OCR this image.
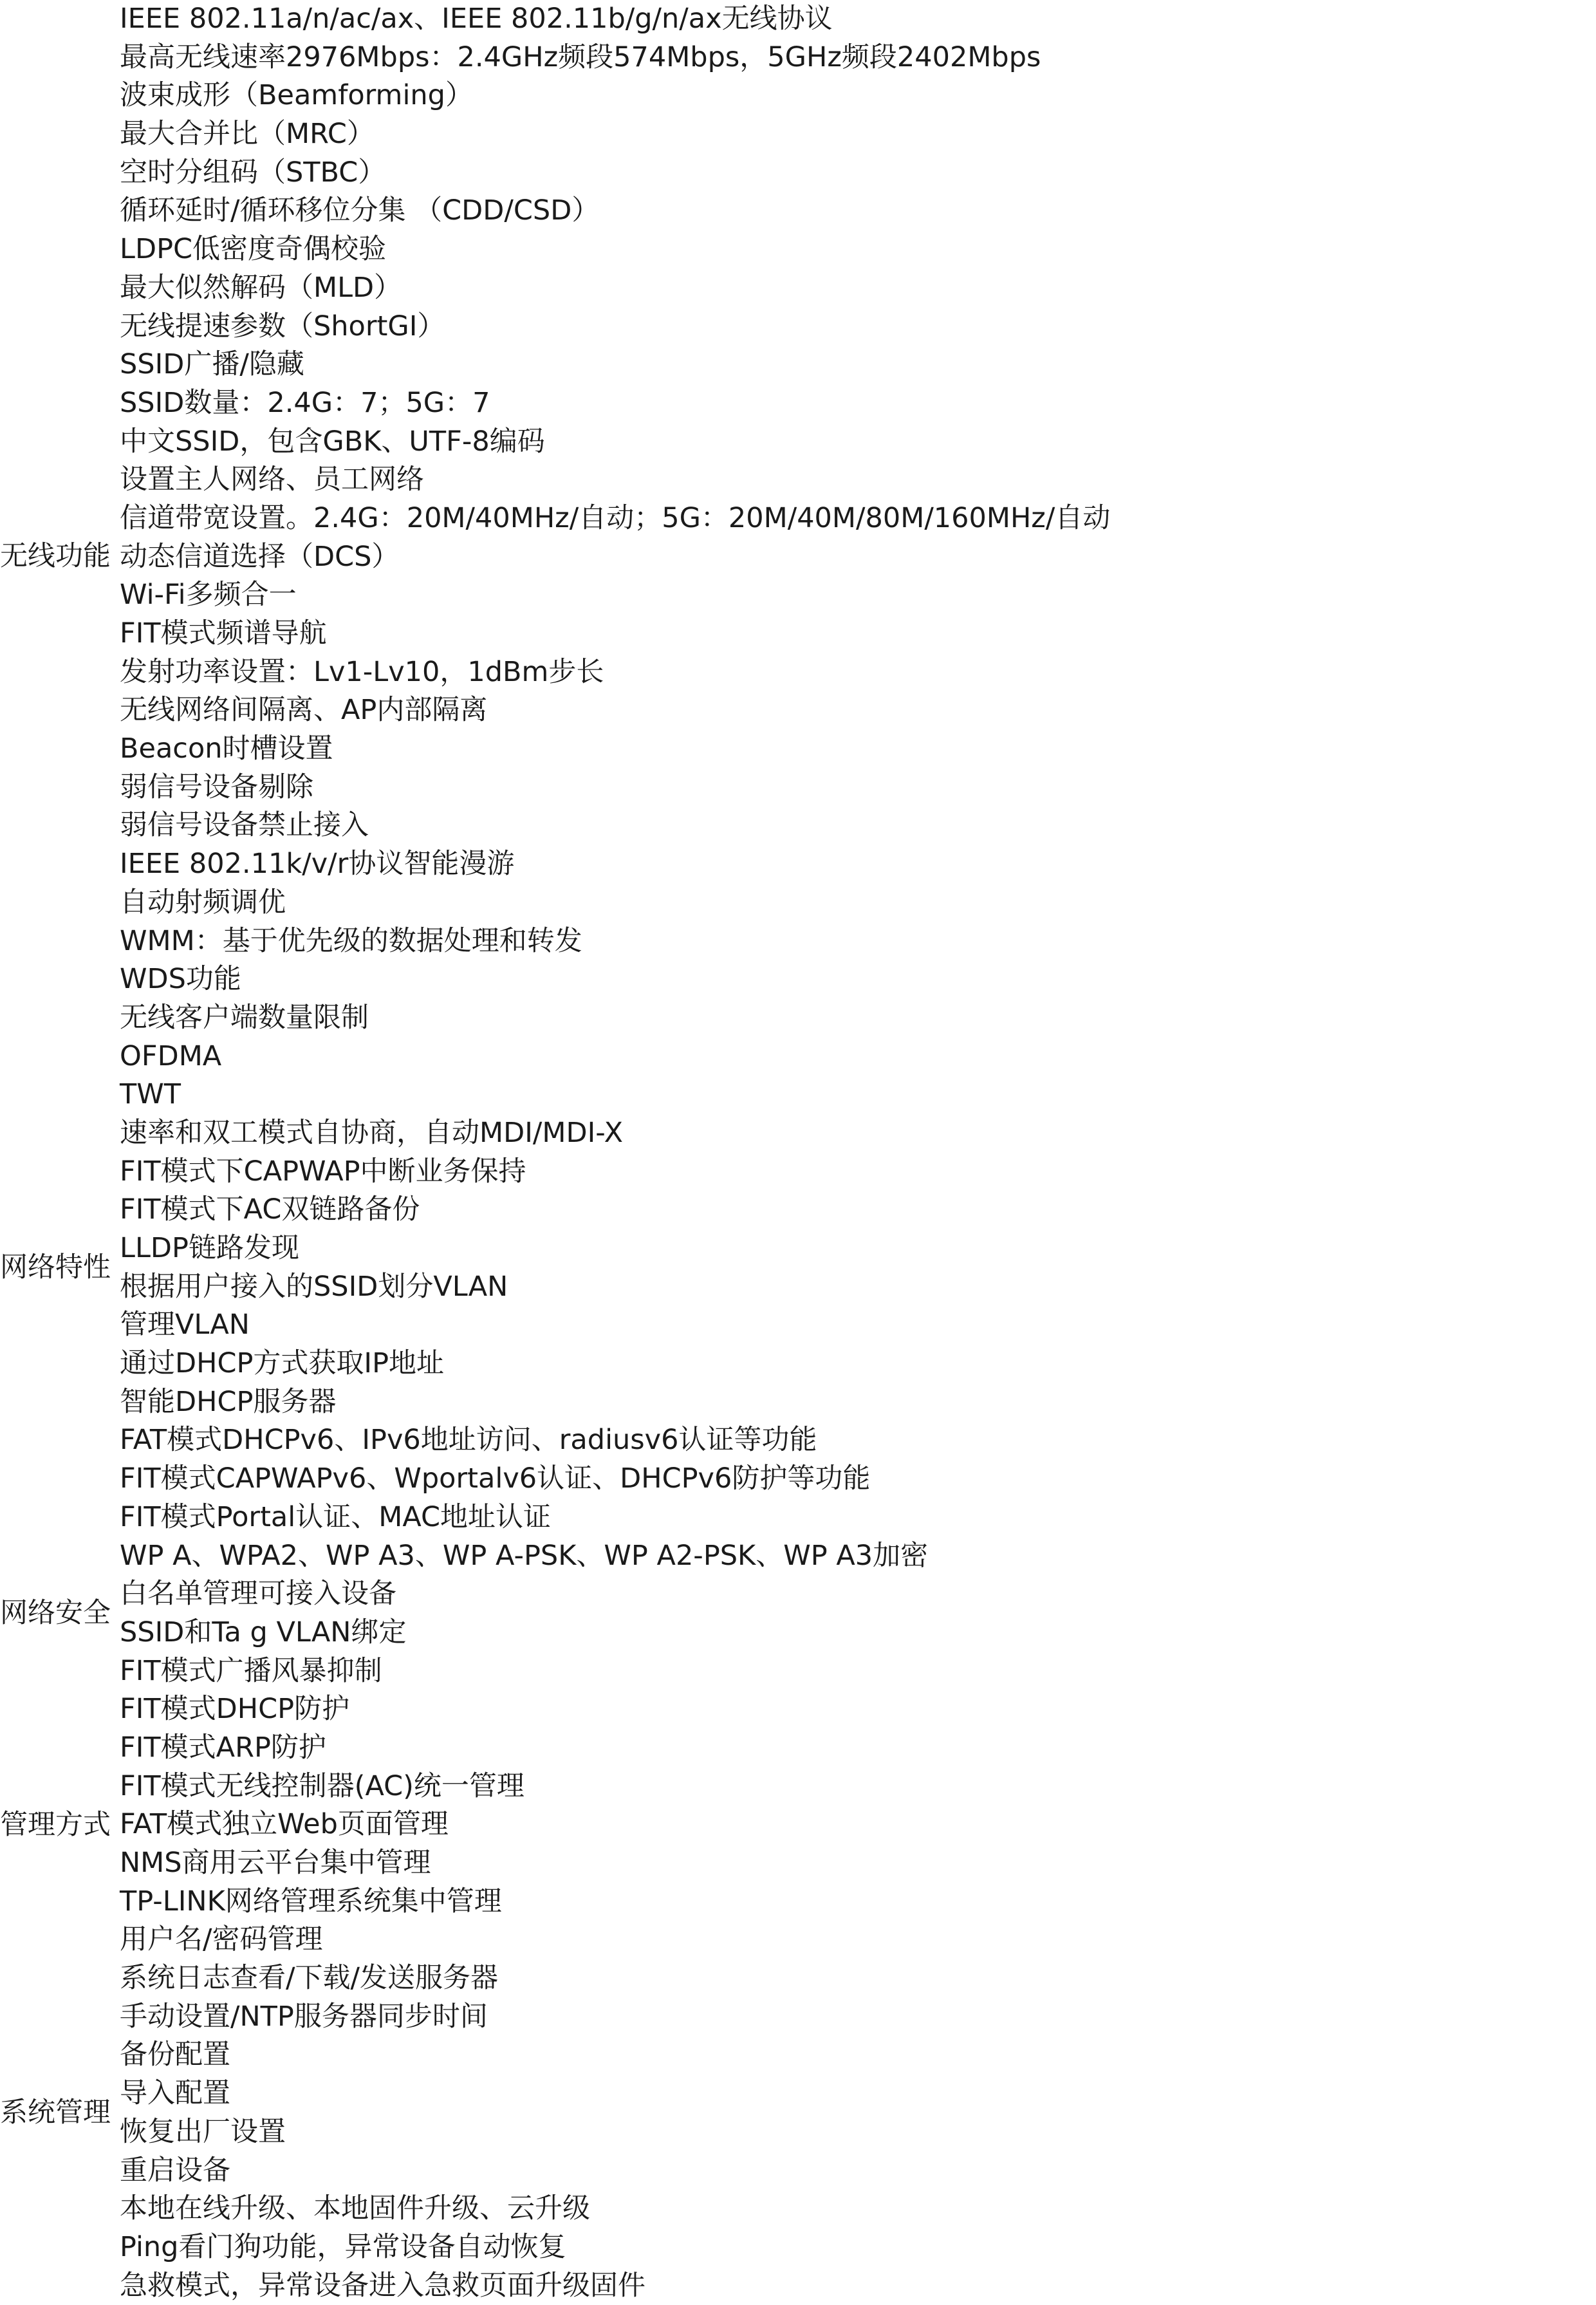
无线功能
IEEE 802.11a/n/ac/ax、IEEE 802.11b/g/n/ax无线协议
最高无线速率2976Mbps：2.4GHz频段574Mbps，5GHz频段2402Mbps
波束成形（Beamforming）
最大合并比（MRC）
空时分组码（STBC）
循环延时/循环移位分集 （CDD/CSD）
LDPC低密度奇偶校验
最大似然解码（MLD）
无线提速参数（ShortGI）
SSID广播/隐藏
SSID数量：2.4G：7；5G：7
中文SSID，包含GBK、UTF-8编码
设置主人网络、员工网络
信道带宽设置。2.4G：20M/40MHz/自动；5G：20M/40M/80M/160MHz/自动
动态信道选择（DCS）
Wi-Fi多频合一
FIT模式频谱导航
发射功率设置：Lv1-Lv10，1dBm步长
无线网络间隔离、AP内部隔离
Beacon时槽设置
弱信号设备剔除
弱信号设备禁止接入
IEEE 802.11k/v/r协议智能漫游
自动射频调优
WMM：基于优先级的数据处理和转发
WDS功能
无线客户端数量限制
OFDMA
TWT
网络特性
速率和双工模式自协商，自动MDI/MDI-X
FIT模式下CAPWAP中断业务保持
FIT模式下AC双链路备份
LLDP链路发现
根据用户接入的SSID划分VLAN
管理VLAN
通过DHCP方式获取IP地址
智能DHCP服务器
FAT模式DHCPv6、IPv6地址访问、radiusv6认证等功能
FIT模式CAPWAPv6、Wportalv6认证、DHCPv6防护等功能
网络安全
FIT模式Portal认证、MAC地址认证
WP A、WPA2、WP A3、WP A-PSK、WP A2-PSK、WP A3加密
白名单管理可接入设备
SSID和Ta g VLAN绑定
FIT模式广播风暴抑制
FIT模式DHCP防护
FIT模式ARP防护
管理方式
FIT模式无线控制器(AC)统一管理
FAT模式独立Web页面管理
NMS商用云平台集中管理
TP-LINK网络管理系统集中管理
系统管理
用户名/密码管理
系统日志查看/下载/发送服务器
手动设置/NTP服务器同步时间
备份配置
导入配置
恢复出厂设置
重启设备
本地在线升级、本地固件升级、云升级
Ping看门狗功能，异常设备自动恢复
急救模式，异常设备进入急救页面升级固件
